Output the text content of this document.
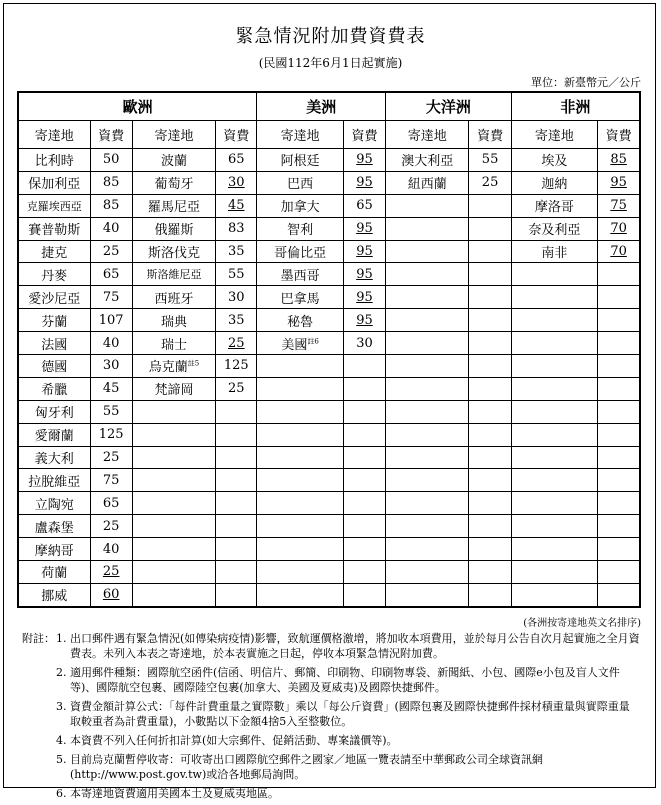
緊急情況附加費資費表
(民國112年6月1日起實施)
單位：新臺幣元／公斤
歐洲				美洲		大洋洲		非洲	
寄達地	資費	寄達地	資費	寄達地	資費	寄達地	資費	寄達地	資費
比利時	50	波蘭	65	阿根廷	95	澳大利亞	55	埃及	85
保加利亞	85	葡萄牙	30	巴西	95	紐西蘭	25	迦納	95
克羅埃西亞	85	羅馬尼亞	45	加拿大	65			摩洛哥	75
賽普勒斯	40	俄羅斯	83	智利	95			奈及利亞	70
捷克	25	斯洛伐克	35	哥倫比亞	95			南非	70
丹麥	65	斯洛維尼亞	55	墨西哥	95				
愛沙尼亞	75	西班牙	30	巴拿馬	95				
芬蘭	107	瑞典	35	秘魯	95				
法國	40	瑞士	25	美國$^{註6}$	30				
德國	30	烏克蘭$^{註5}$	125						
希臘	45	梵諦岡	25						
匈牙利	55								
愛爾蘭	125								
義大利	25								
拉脫維亞	75								
立陶宛	65								
盧森堡	25								
摩納哥	40								
荷蘭	25								
挪威	60								
(各洲按寄達地英文名排序)
附註： 1. 出口郵件遇有緊急情況(如傳染病疫情)影響，致航運價格激增，將加收本項費用，並於每月公告自次月起實施之全月資費表。未列入本表之寄達地，於本表實施之日起，停收本項緊急情況附加費。
2. 適用郵件種類：國際航空函件(信函、明信片、郵簡、印刷物、印刷物專袋、新聞紙、小包、國際e小包及盲人文件等)、國際航空包裹、國際陸空包裹(加拿大、美國及夏威夷)及國際快捷郵件。
3. 資費金額計算公式：「每件計費重量之實際數」乘以「每公斤資費」(國際包裹及國際快捷郵件採材積重量與實際重量取較重者為計費重量)，小數點以下金額4捨5入至整數位。
4. 本資費不列入任何折扣計算(如大宗郵件、促銷活動、專案議價等)。
5. 目前烏克蘭暫停收寄：可收寄出口國際航空郵件之國家／地區一覽表請至中華郵政公司全球資訊網(http://www.post.gov.tw)或洽各地郵局詢問。
6. 本寄達地資費適用美國本土及夏威夷地區。
